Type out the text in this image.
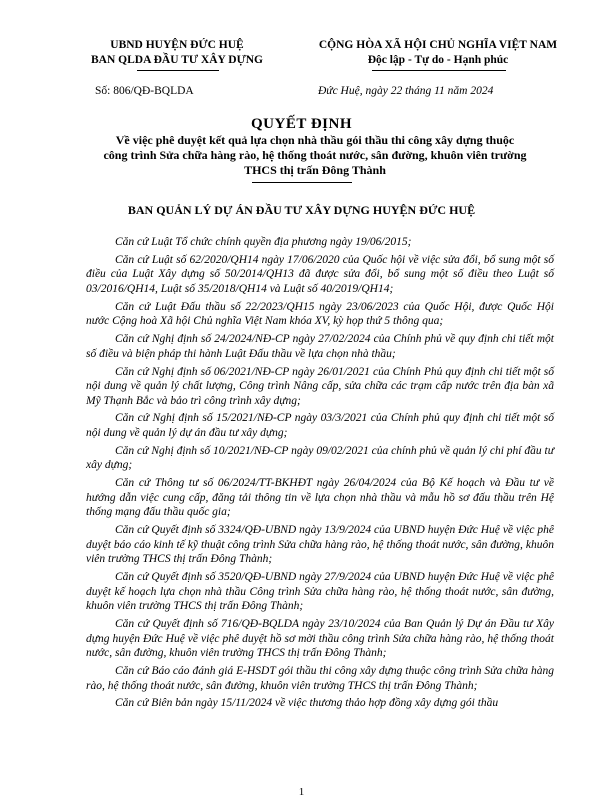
UBND HUYỆN ĐỨC HUỆ
BAN QLDA ĐẦU TƯ XÂY DỰNG
CỘNG HÒA XÃ HỘI CHỦ NGHĨA VIỆT NAM
Độc lập - Tự do - Hạnh phúc
Số: 806/QĐ-BQLDA	Đức Huệ, ngày 22 tháng 11 năm 2024
QUYẾT ĐỊNH
Về việc phê duyệt kết quả lựa chọn nhà thầu gói thầu thi công xây dựng thuộc
công trình Sửa chữa hàng rào, hệ thống thoát nước, sân đường, khuôn viên trường
THCS thị trấn Đông Thành
BAN QUẢN LÝ DỰ ÁN ĐẦU TƯ XÂY DỰNG HUYỆN ĐỨC HUỆ

Căn cứ Luật Tổ chức chính quyền địa phương ngày 19/06/2015;

Căn cứ Luật số 62/2020/QH14 ngày 17/06/2020 của Quốc hội về việc sửa đổi, bổ sung một số điều của Luật Xây dựng số 50/2014/QH13 đã được sửa đổi, bổ sung một số điều theo Luật số 03/2016/QH14, Luật số 35/2018/QH14 và Luật số 40/2019/QH14;

Căn cứ Luật Đấu thầu số 22/2023/QH15 ngày 23/06/2023 của Quốc Hội, được Quốc Hội nước Cộng hoà Xã hội Chủ nghĩa Việt Nam khóa XV, kỳ họp thứ 5 thông qua;

Căn cứ Nghị định số 24/2024/NĐ-CP ngày 27/02/2024 của Chính phủ về quy định chi tiết một số điều và biện pháp thi hành Luật Đấu thầu về lựa chọn nhà thầu;

Căn cứ Nghị định số 06/2021/NĐ-CP ngày 26/01/2021 của Chính Phủ quy định chi tiết một số nội dung về quản lý chất lượng, Công trình Nâng cấp, sửa chữa các trạm cấp nước trên địa bàn xã Mỹ Thạnh Bắc và bảo trì công trình xây dựng;

Căn cứ Nghị định số 15/2021/NĐ-CP ngày 03/3/2021 của Chính phủ quy định chi tiết một số nội dung về quản lý dự án đầu tư xây dựng;

Căn cứ Nghị định số 10/2021/NĐ-CP ngày 09/02/2021 của chính phủ về quản lý chi phí đầu tư xây dựng;

Căn cứ Thông tư số 06/2024/TT-BKHĐT ngày 26/04/2024 của Bộ Kế hoạch và Đầu tư về hướng dẫn việc cung cấp, đăng tải thông tin về lựa chọn nhà thầu và mẫu hồ sơ đấu thầu trên Hệ thống mạng đấu thầu quốc gia;

Căn cứ Quyết định số 3324/QĐ-UBND ngày 13/9/2024 của UBND huyện Đức Huệ về việc phê duyệt báo cáo kinh tế kỹ thuật công trình Sửa chữa hàng rào, hệ thống thoát nước, sân đường, khuôn viên trường THCS thị trấn Đông Thành;

Căn cứ Quyết định số 3520/QĐ-UBND ngày 27/9/2024 của UBND huyện Đức Huệ về việc phê duyệt kế hoạch lựa chọn nhà thầu Công trình Sửa chữa hàng rào, hệ thống thoát nước, sân đường, khuôn viên trường THCS thị trấn Đông Thành;

Căn cứ Quyết định số 716/QĐ-BQLDA ngày 23/10/2024 của Ban Quản lý Dự án Đầu tư Xây dựng huyện Đức Huệ về việc phê duyệt hồ sơ mời thầu công trình Sửa chữa hàng rào, hệ thống thoát nước, sân đường, khuôn viên trường THCS thị trấn Đông Thành;

Căn cứ Báo cáo đánh giá E-HSDT gói thầu thi công xây dựng thuộc công trình Sửa chữa hàng rào, hệ thống thoát nước, sân đường, khuôn viên trường THCS thị trấn Đông Thành;

Căn cứ Biên bản ngày 15/11/2024 về việc thương thảo hợp đồng xây dựng gói thầu

1
